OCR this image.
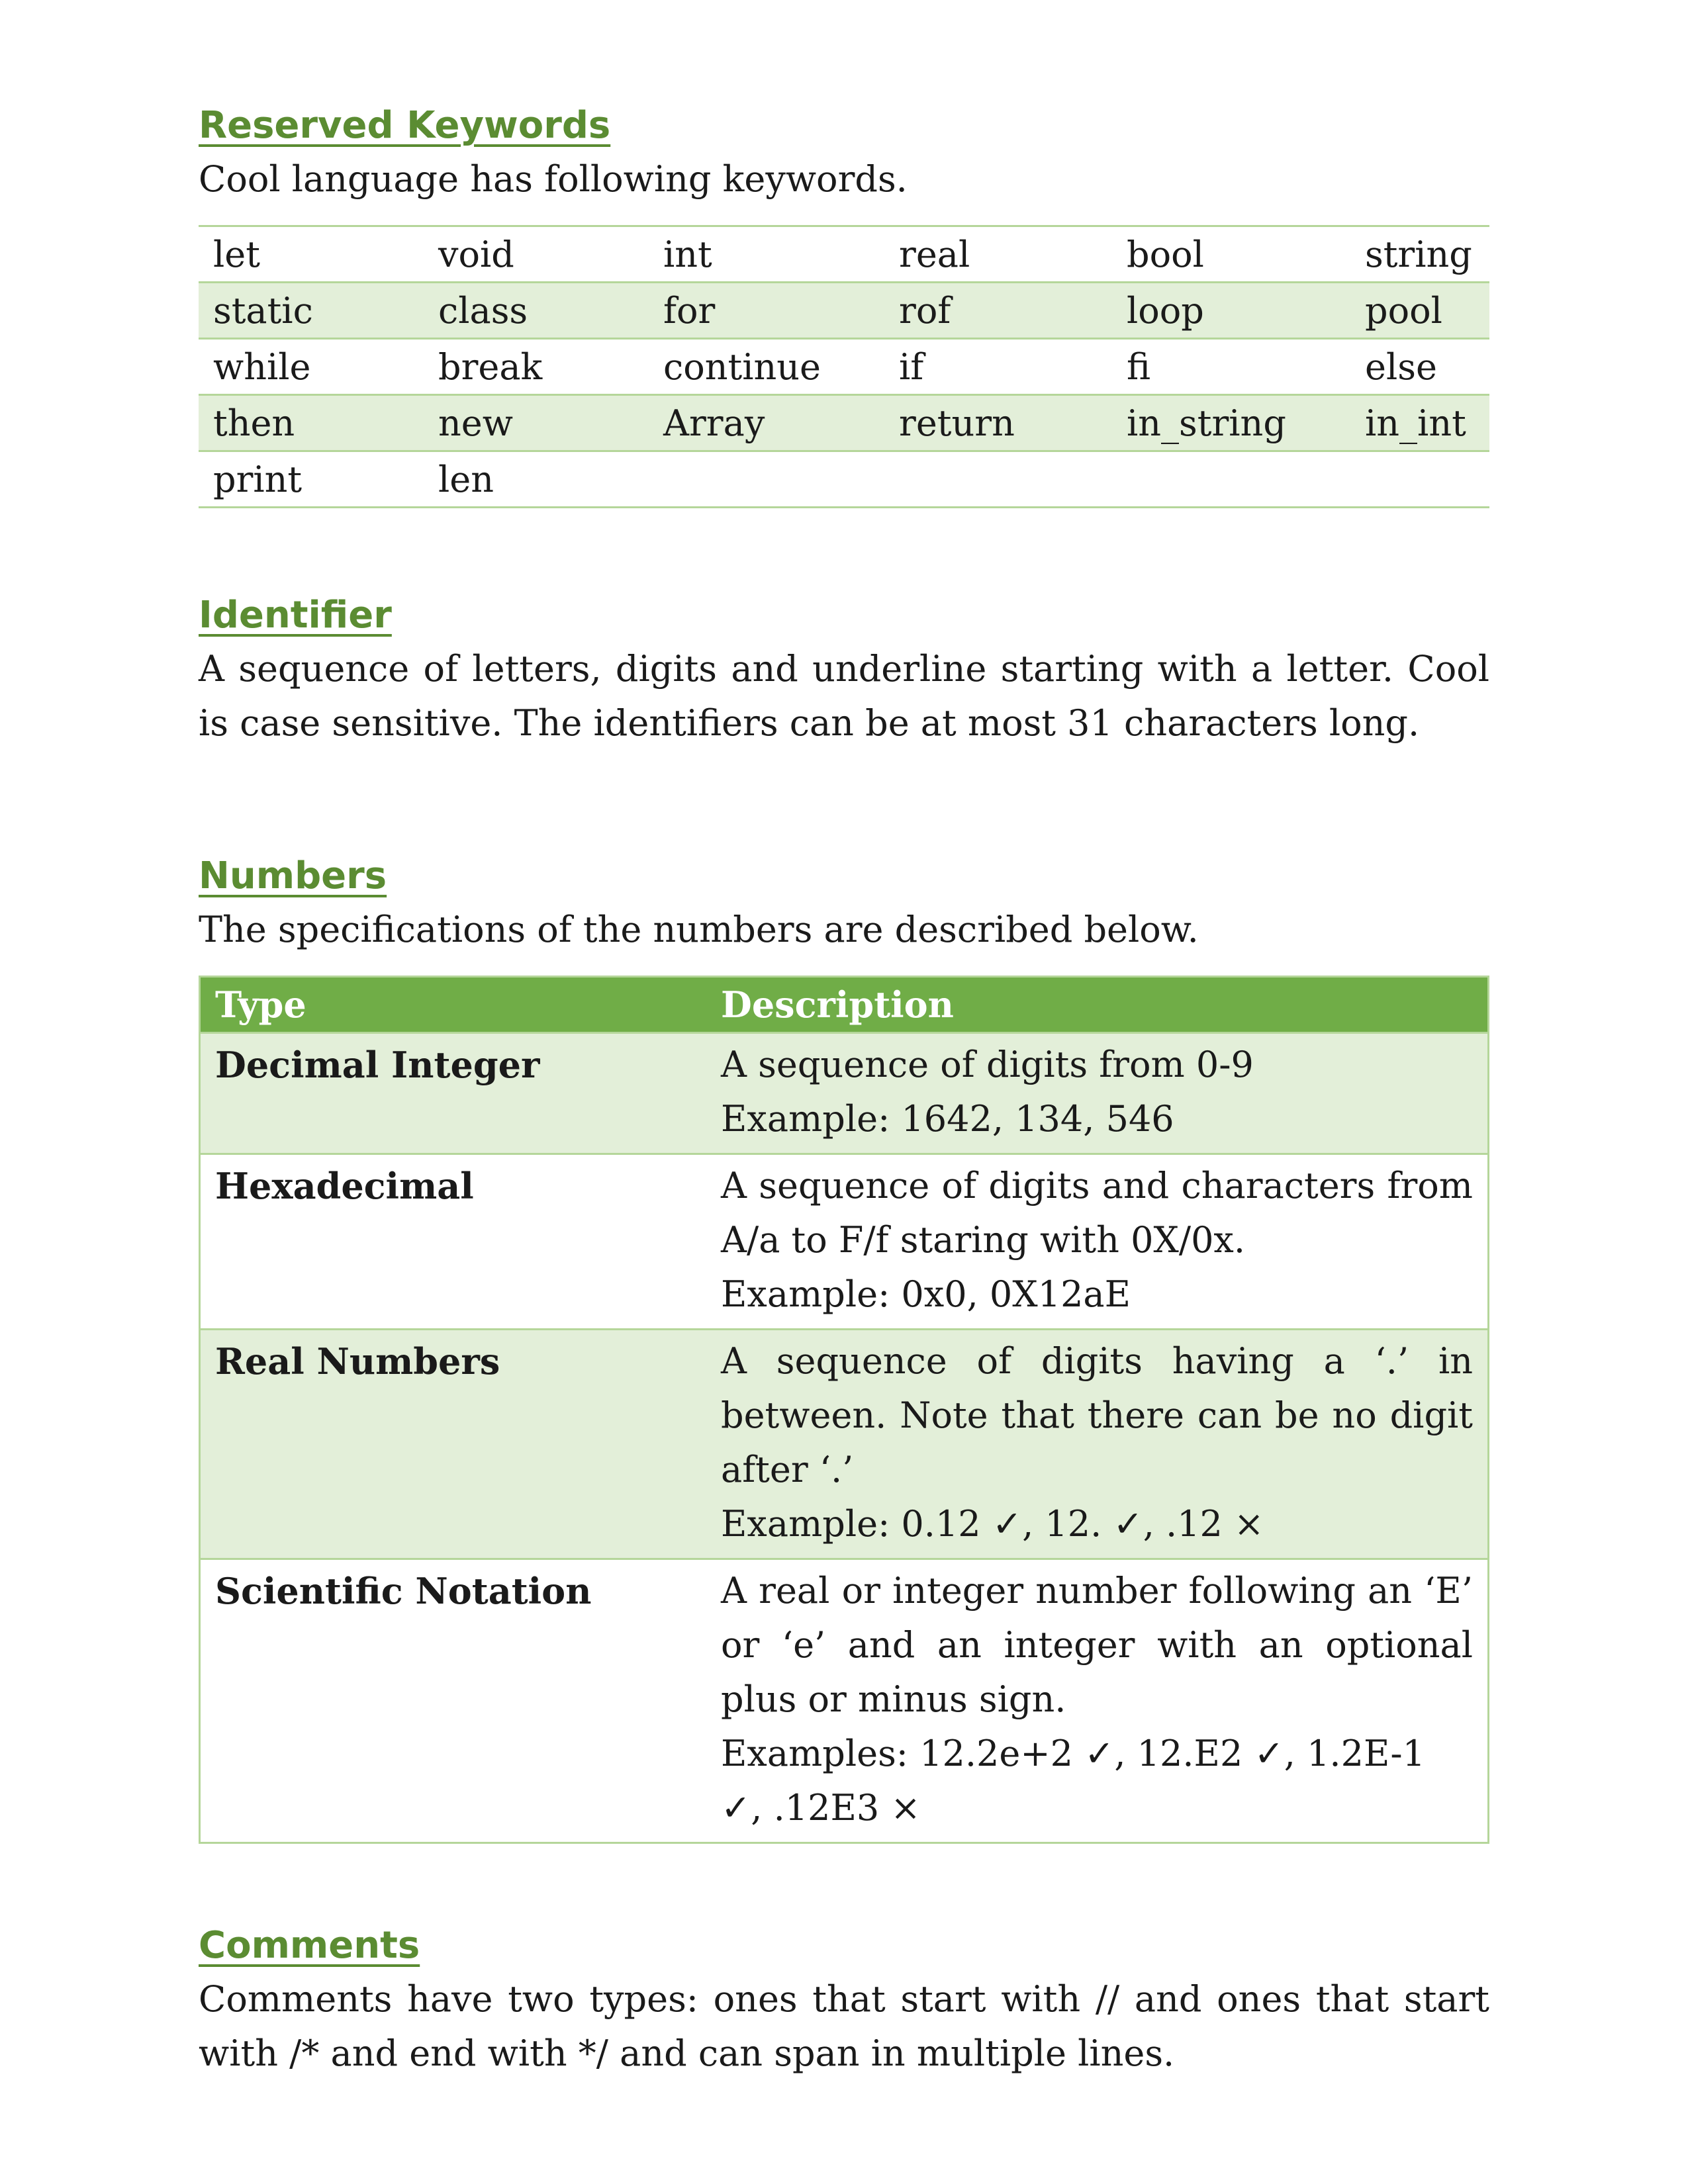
Reserved Keywords

Cool language has following keywords.

let	void	int	real	bool	string
static	class	for	rof	loop	pool
while	break	continue	if	fi	else
then	new	Array	return	in_string	in_int
print	len				
Identifier

A sequence of letters, digits and underline starting with a letter. Cool is case sensitive. The identifiers can be at most 31 characters long.

Numbers

The specifications of the numbers are described below.

Type	Description
Decimal Integer	A sequence of digits from 0-9
Example: 1642, 134, 546

Hexadecimal	A sequence of digits and characters from A/a to F/f staring with 0X/0x.
Example: 0x0, 0X12aE

Real Numbers	A sequence of digits having a ‘.’ in between. Note that there can be no digit after ‘.’
Example: 0.12 ✓, 12. ✓, .12 ×

Scientific Notation	A real or integer number following an ‘E’ or ‘e’ and an integer with an optional plus or minus sign.
Examples: 12.2e+2 ✓, 12.E2 ✓, 1.2E-1 ✓, .12E3 ×
Comments

Comments have two types: ones that start with // and ones that start with /* and end with */ and can span in multiple lines.
